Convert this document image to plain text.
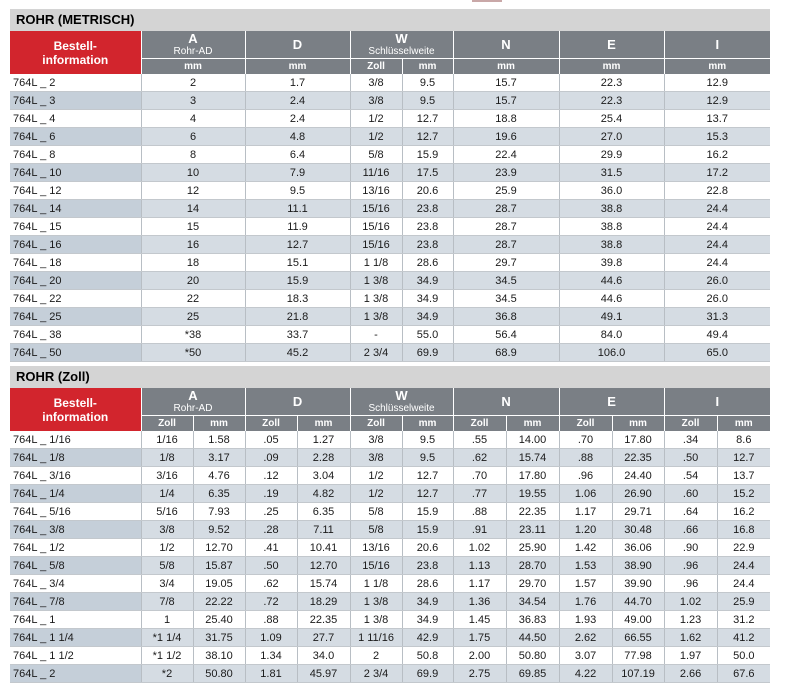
ROHR (METRISCH)
Bestell-
information	A
Rohr-AD	D	W
Schlüsselweite		N	E	I
	mm	mm	Zoll	mm	mm	mm	mm
764L _ 2	2	1.7	3/8	9.5	15.7	22.3	12.9
764L _ 3	3	2.4	3/8	9.5	15.7	22.3	12.9
764L _ 4	4	2.4	1/2	12.7	18.8	25.4	13.7
764L _ 6	6	4.8	1/2	12.7	19.6	27.0	15.3
764L _ 8	8	6.4	5/8	15.9	22.4	29.9	16.2
764L _ 10	10	7.9	11/16	17.5	23.9	31.5	17.2
764L _ 12	12	9.5	13/16	20.6	25.9	36.0	22.8
764L _ 14	14	11.1	15/16	23.8	28.7	38.8	24.4
764L _ 15	15	11.9	15/16	23.8	28.7	38.8	24.4
764L _ 16	16	12.7	15/16	23.8	28.7	38.8	24.4
764L _ 18	18	15.1	1 1/8	28.6	29.7	39.8	24.4
764L _ 20	20	15.9	1 3/8	34.9	34.5	44.6	26.0
764L _ 22	22	18.3	1 3/8	34.9	34.5	44.6	26.0
764L _ 25	25	21.8	1 3/8	34.9	36.8	49.1	31.3
764L _ 38	*38	33.7	-	55.0	56.4	84.0	49.4
764L _ 50	*50	45.2	2 3/4	69.9	68.9	106.0	65.0
ROHR (Zoll)
Bestell-
information	A
Rohr-AD		D		W
Schlüsselweite		N		E		I	
	Zoll	mm	Zoll	mm	Zoll	mm	Zoll	mm	Zoll	mm	Zoll	mm
764L _ 1/16	1/16	1.58	.05	1.27	3/8	9.5	.55	14.00	.70	17.80	.34	8.6
764L _ 1/8	1/8	3.17	.09	2.28	3/8	9.5	.62	15.74	.88	22.35	.50	12.7
764L _ 3/16	3/16	4.76	.12	3.04	1/2	12.7	.70	17.80	.96	24.40	.54	13.7
764L _ 1/4	1/4	6.35	.19	4.82	1/2	12.7	.77	19.55	1.06	26.90	.60	15.2
764L _ 5/16	5/16	7.93	.25	6.35	5/8	15.9	.88	22.35	1.17	29.71	.64	16.2
764L _ 3/8	3/8	9.52	.28	7.11	5/8	15.9	.91	23.11	1.20	30.48	.66	16.8
764L _ 1/2	1/2	12.70	.41	10.41	13/16	20.6	1.02	25.90	1.42	36.06	.90	22.9
764L _ 5/8	5/8	15.87	.50	12.70	15/16	23.8	1.13	28.70	1.53	38.90	.96	24.4
764L _ 3/4	3/4	19.05	.62	15.74	1 1/8	28.6	1.17	29.70	1.57	39.90	.96	24.4
764L _ 7/8	7/8	22.22	.72	18.29	1 3/8	34.9	1.36	34.54	1.76	44.70	1.02	25.9
764L _ 1	1	25.40	.88	22.35	1 3/8	34.9	1.45	36.83	1.93	49.00	1.23	31.2
764L _ 1 1/4	*1 1/4	31.75	1.09	27.7	1 11/16	42.9	1.75	44.50	2.62	66.55	1.62	41.2
764L _ 1 1/2	*1 1/2	38.10	1.34	34.0	2	50.8	2.00	50.80	3.07	77.98	1.97	50.0
764L _ 2	*2	50.80	1.81	45.97	2 3/4	69.9	2.75	69.85	4.22	107.19	2.66	67.6
